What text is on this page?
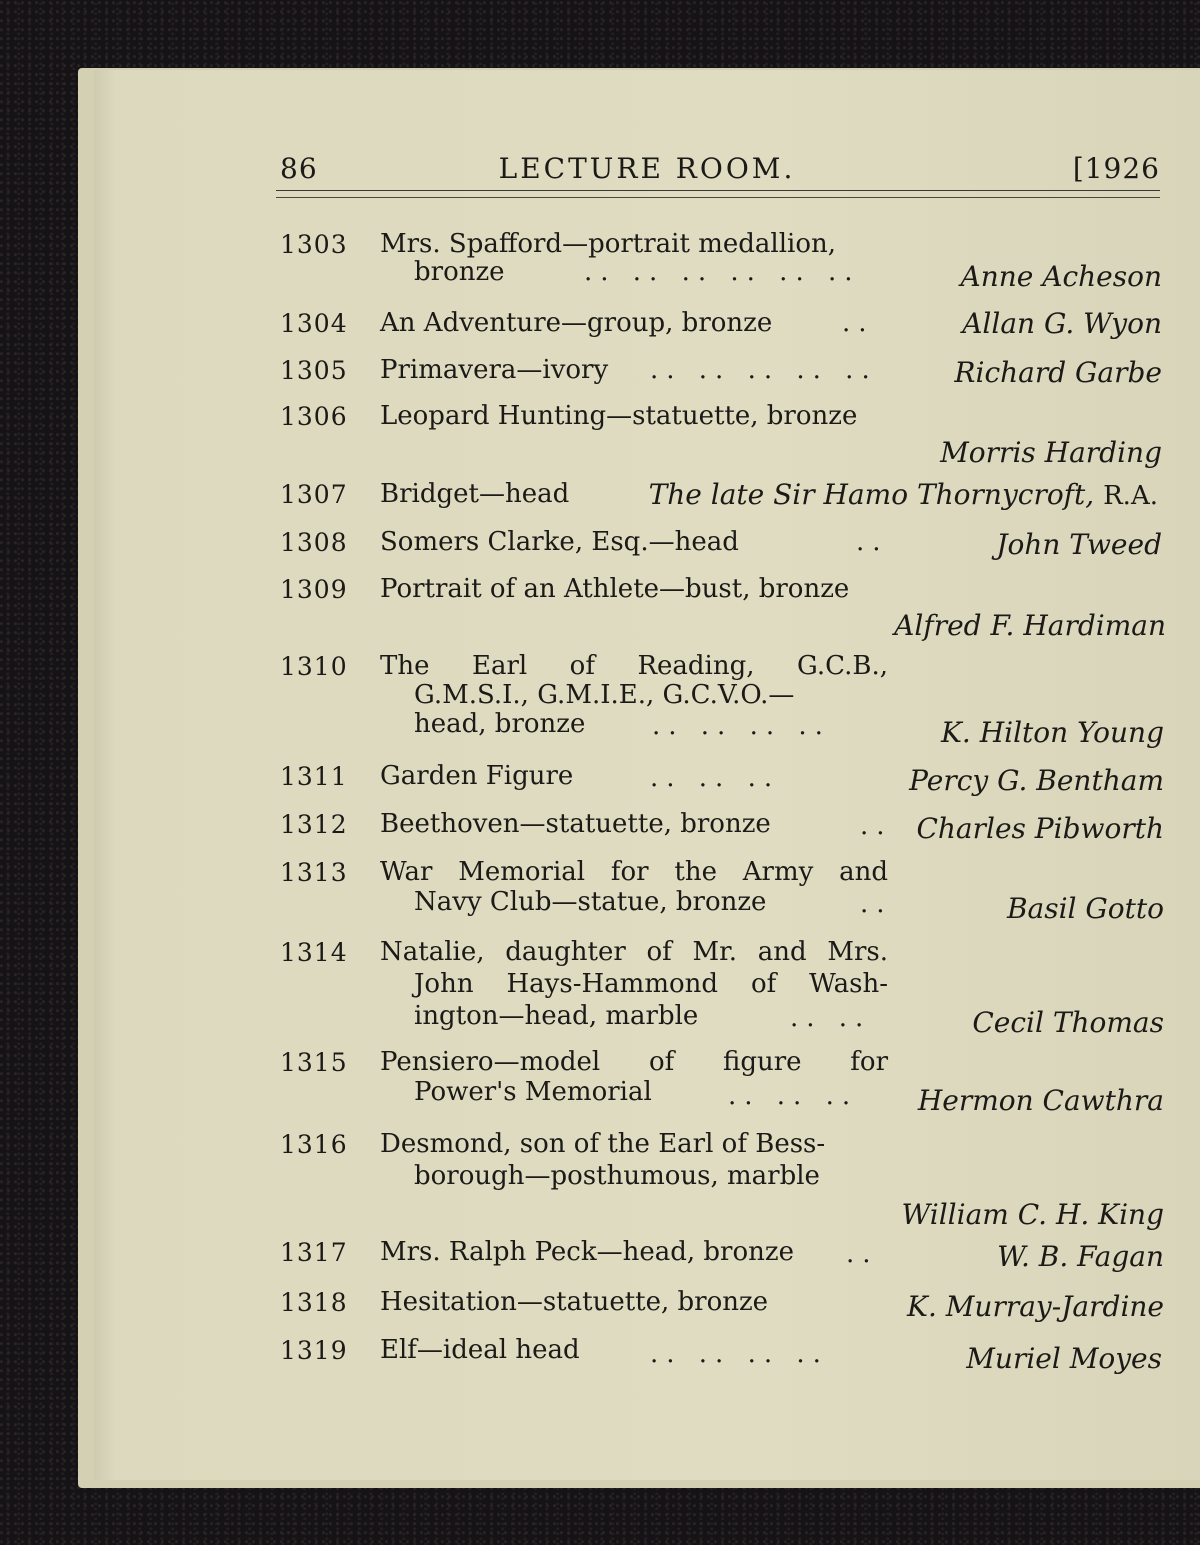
86	LECTURE ROOM.	[1926
1303 Mrs. Spafford—portrait medallion,
bronze	.. .. .. .. .. ..	Anne Acheson
1304 An Adventure—group, bronze	..	Allan G. Wyon
1305 Primavera—ivory .. .. .. .. ..	Richard Garbe
1306 Leopard Hunting—statuette, bronze
Morris Harding
1307 Bridget—head	The late Sir Hamo Thornycroft, R.A.
1308 Somers Clarke, Esq.—head	..	John Tweed
1309 Portrait of an Athlete—bust, bronze
Alfred F. Hardiman
1310 The Earl of Reading, G.C.B.,
G.M.S.I., G.M.I.E., G.C.V.O.—
head, bronze	.. .. .. ..	K. Hilton Young
1311 Garden Figure	.. .. ..	Percy G. Bentham
1312 Beethoven—statuette, bronze	.. Charles Pibworth
1313 War Memorial for the Army and
Navy Club—statue, bronze	..	Basil Gotto
1314 Natalie, daughter of Mr. and Mrs.
John Hays-Hammond of Wash-
ington—head, marble	.. ..	Cecil Thomas
1315 Pensiero—model of figure for
Power's Memorial	.. .. .. Hermon Cawthra
1316 Desmond, son of the Earl of Bess-
borough—posthumous, marble
William C. H. King
1317 Mrs. Ralph Peck—head, bronze ..	W. B. Fagan
1318 Hesitation—statuette, bronze	K. Murray-Jardine
1319 Elf—ideal head	.. .. .. ..	Muriel Moyes
